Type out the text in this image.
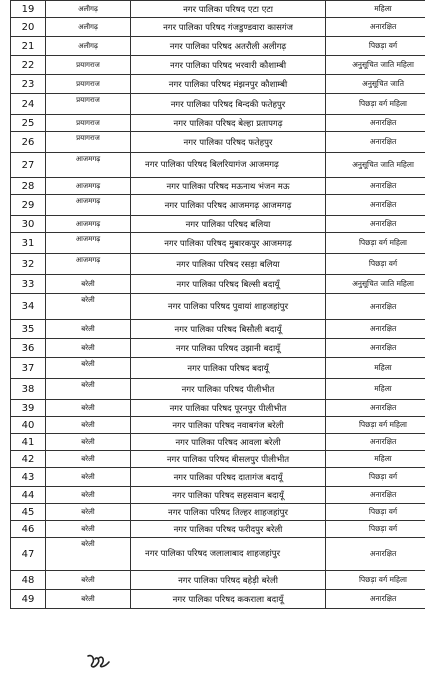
19	अलीगढ़	नगर पालिका परिषद एटा एटा	महिला
20	अलीगढ़	नगर पालिका परिषद गंजडुण्डवारा कासगंज	अनारक्षित
21	अलीगढ़	नगर पालिका परिषद अतरौली अलीगढ़	पिछड़ा वर्ग
22	प्रयागराज	नगर पालिका परिषद भरवारी कौशाम्बी	अनुसूचित जाति महिला
23	प्रयागराज	नगर पालिका परिषद मंझनपुर कौशाम्बी	अनुसूचित जाति
24	प्रयागराज	नगर पालिका परिषद बिन्दकी फतेहपुर	पिछड़ा वर्ग महिला
25	प्रयागराज	नगर पालिका परिषद बेल्हा प्रतापगढ़	अनारक्षित
26	प्रयागराज	नगर पालिका परिषद फतेहपुर	अनारक्षित
27	आजमगढ़	नगर पालिका परिषद बिलरियागंज आजमगढ़	अनुसूचित जाति महिला
28	आजमगढ़	नगर पालिका परिषद मऊनाथ भंजन मऊ	अनारक्षित
29	आजमगढ़	नगर पालिका परिषद आजमगढ़ आजमगढ़	अनारक्षित
30	आजमगढ़	नगर पालिका परिषद बलिया	अनारक्षित
31	आजमगढ़	नगर पालिका परिषद मुबारकपुर आजमगढ़	पिछड़ा वर्ग महिला
32	आजमगढ़	नगर पालिका परिषद रसड़ा बलिया	पिछड़ा वर्ग
33	बरेली	नगर पालिका परिषद बिल्सी बदायूँ	अनुसूचित जाति महिला
34	बरेली	नगर पालिका परिषद पुवायां शाहजहांपुर	अनारक्षित
35	बरेली	नगर पालिका परिषद बिसौली बदायूँ	अनारक्षित
36	बरेली	नगर पालिका परिषद उझानी बदायूँ	अनारक्षित
37	बरेली	नगर पालिका परिषद बदायूँ	महिला
38	बरेली	नगर पालिका परिषद पीलीभीत	महिला
39	बरेली	नगर पालिका परिषद पूरनपुर पीलीभीत	अनारक्षित
40	बरेली	नगर पालिका परिषद नवाबगंज बरेली	पिछड़ा वर्ग महिला
41	बरेली	नगर पालिका परिषद आवला बरेली	अनारक्षित
42	बरेली	नगर पालिका परिषद बीसलपुर पीलीभीत	महिला
43	बरेली	नगर पालिका परिषद दातागंज बदायूँ	पिछड़ा वर्ग
44	बरेली	नगर पालिका परिषद सहसवान बदायूँ	अनारक्षित
45	बरेली	नगर पालिका परिषद तिल्हर शाहजहांपुर	पिछड़ा वर्ग
46	बरेली	नगर पालिका परिषद फरीदपुर बरेली	पिछड़ा वर्ग
47	बरेली	नगर पालिका परिषद जलालाबाद शाहजहांपुर	अनारक्षित
48	बरेली	नगर पालिका परिषद बहेड़ी बरेली	पिछड़ा वर्ग महिला
49	बरेली	नगर पालिका परिषद ककराला बदायूँ	अनारक्षित
